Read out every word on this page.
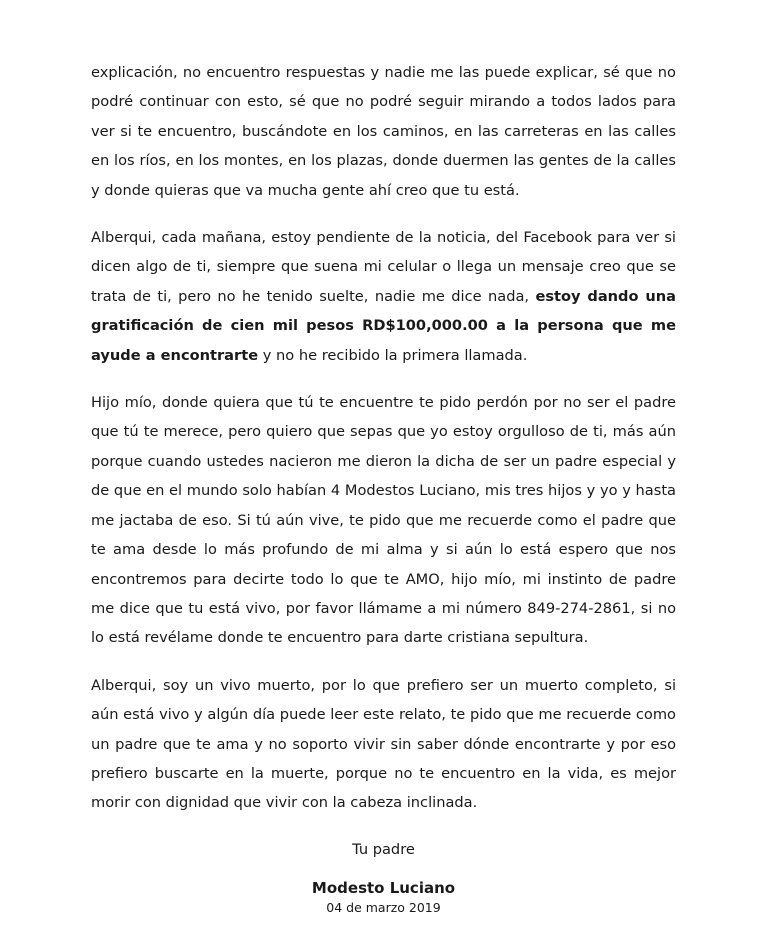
explicación, no encuentro respuestas y nadie me las puede explicar, sé que no podré continuar con esto, sé que no podré seguir mirando a todos lados para ver si te encuentro, buscándote en los caminos, en las carreteras en las calles en los ríos, en los montes, en los plazas, donde duermen las gentes de la calles y donde quieras que va mucha gente ahí creo que tu está.

Alberqui, cada mañana, estoy pendiente de la noticia, del Facebook para ver si dicen algo de ti, siempre que suena mi celular o llega un mensaje creo que se trata de ti, pero no he tenido suelte, nadie me dice nada, estoy dando una gratificación de cien mil pesos RD$100,000.00 a la persona que me ayude a encontrarte y no he recibido la primera llamada.

Hijo mío, donde quiera que tú te encuentre te pido perdón por no ser el padre que tú te merece, pero quiero que sepas que yo estoy orgulloso de ti, más aún porque cuando ustedes nacieron me dieron la dicha de ser un padre especial y de que en el mundo solo habían 4 Modestos Luciano, mis tres hijos y yo y hasta me jactaba de eso. Si tú aún vive, te pido que me recuerde como el padre que te ama desde lo más profundo de mi alma y si aún lo está espero que nos encontremos para decirte todo lo que te AMO, hijo mío, mi instinto de padre me dice que tu está vivo, por favor llámame a mi número 849-274-2861, si no lo está revélame donde te encuentro para darte cristiana sepultura.

Alberqui, soy un vivo muerto, por lo que prefiero ser un muerto completo, si aún está vivo y algún día puede leer este relato, te pido que me recuerde como un padre que te ama y no soporto vivir sin saber dónde encontrarte y por eso prefiero buscarte en la muerte, porque no te encuentro en la vida, es mejor morir con dignidad que vivir con la cabeza inclinada.

Tu padre
Modesto Luciano
04 de marzo 2019
